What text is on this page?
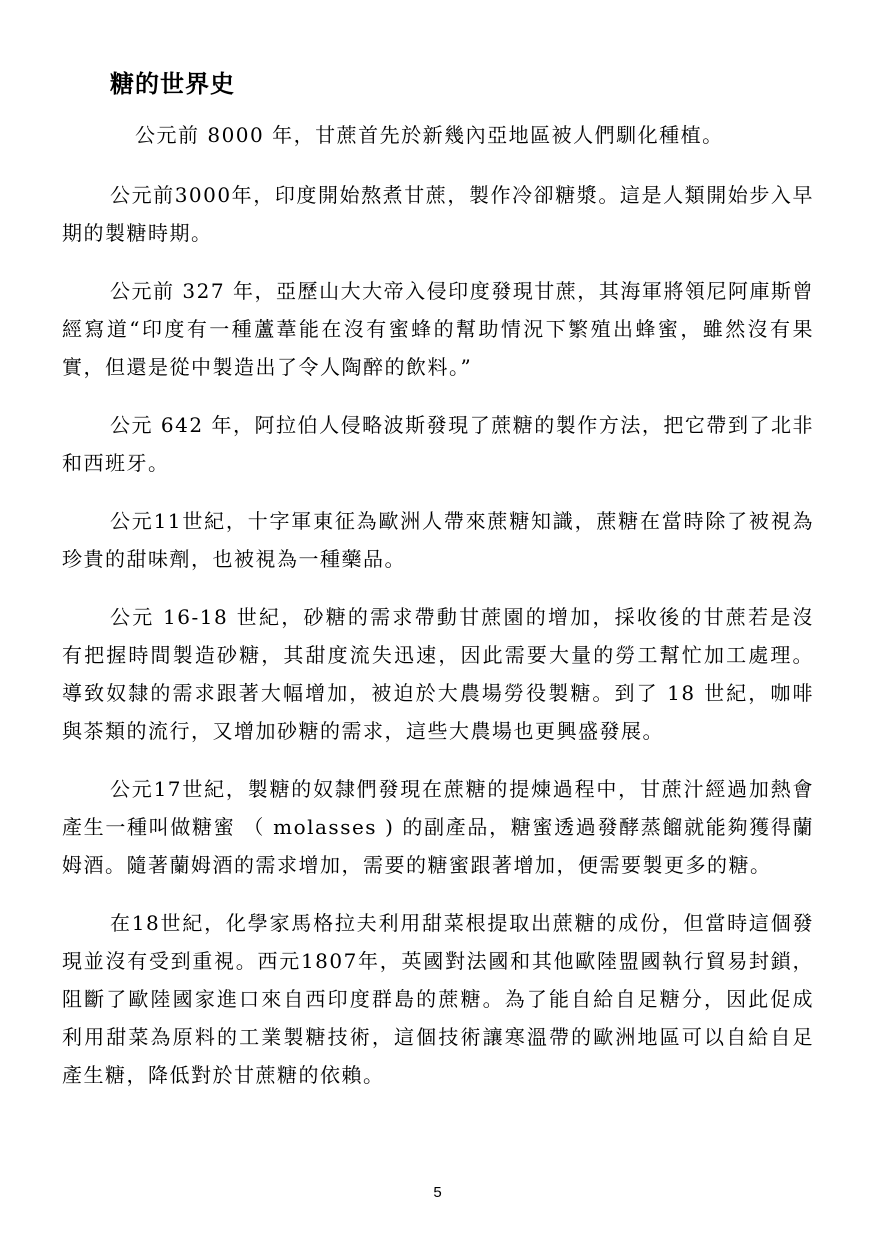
糖的世界史

公元前 8000 年，甘蔗首先於新幾內亞地區被人們馴化種植。

公元前3000年，印度開始熬煮甘蔗，製作冷卻糖漿。這是人類開始步入早期的製糖時期。

公元前 327 年，亞歷山大大帝入侵印度發現甘蔗，其海軍將領尼阿庫斯曾經寫道“印度有一種蘆葦能在沒有蜜蜂的幫助情況下繁殖出蜂蜜，雖然沒有果實，但還是從中製造出了令人陶醉的飲料。”

公元 642 年，阿拉伯人侵略波斯發現了蔗糖的製作方法，把它帶到了北非和西班牙。

公元11世紀，十字軍東征為歐洲人帶來蔗糖知識，蔗糖在當時除了被視為珍貴的甜味劑，也被視為一種藥品。

公元 16-18 世紀，砂糖的需求帶動甘蔗園的增加，採收後的甘蔗若是沒有把握時間製造砂糖，其甜度流失迅速，因此需要大量的勞工幫忙加工處理。導致奴隸的需求跟著大幅增加，被迫於大農場勞役製糖。到了 18 世紀，咖啡與茶類的流行，又增加砂糖的需求，這些大農場也更興盛發展。

公元17世紀，製糖的奴隸們發現在蔗糖的提煉過程中，甘蔗汁經過加熱會產生一種叫做糖蜜 （ molasses ) 的副產品，糖蜜透過發酵蒸餾就能夠獲得蘭姆酒。隨著蘭姆酒的需求增加，需要的糖蜜跟著增加，便需要製更多的糖。

在18世紀，化學家馬格拉夫利用甜菜根提取出蔗糖的成份，但當時這個發現並沒有受到重視。西元1807年，英國對法國和其他歐陸盟國執行貿易封鎖，阻斷了歐陸國家進口來自西印度群島的蔗糖。為了能自給自足糖分，因此促成利用甜菜為原料的工業製糖技術，這個技術讓寒溫帶的歐洲地區可以自給自足產生糖，降低對於甘蔗糖的依賴。

5
